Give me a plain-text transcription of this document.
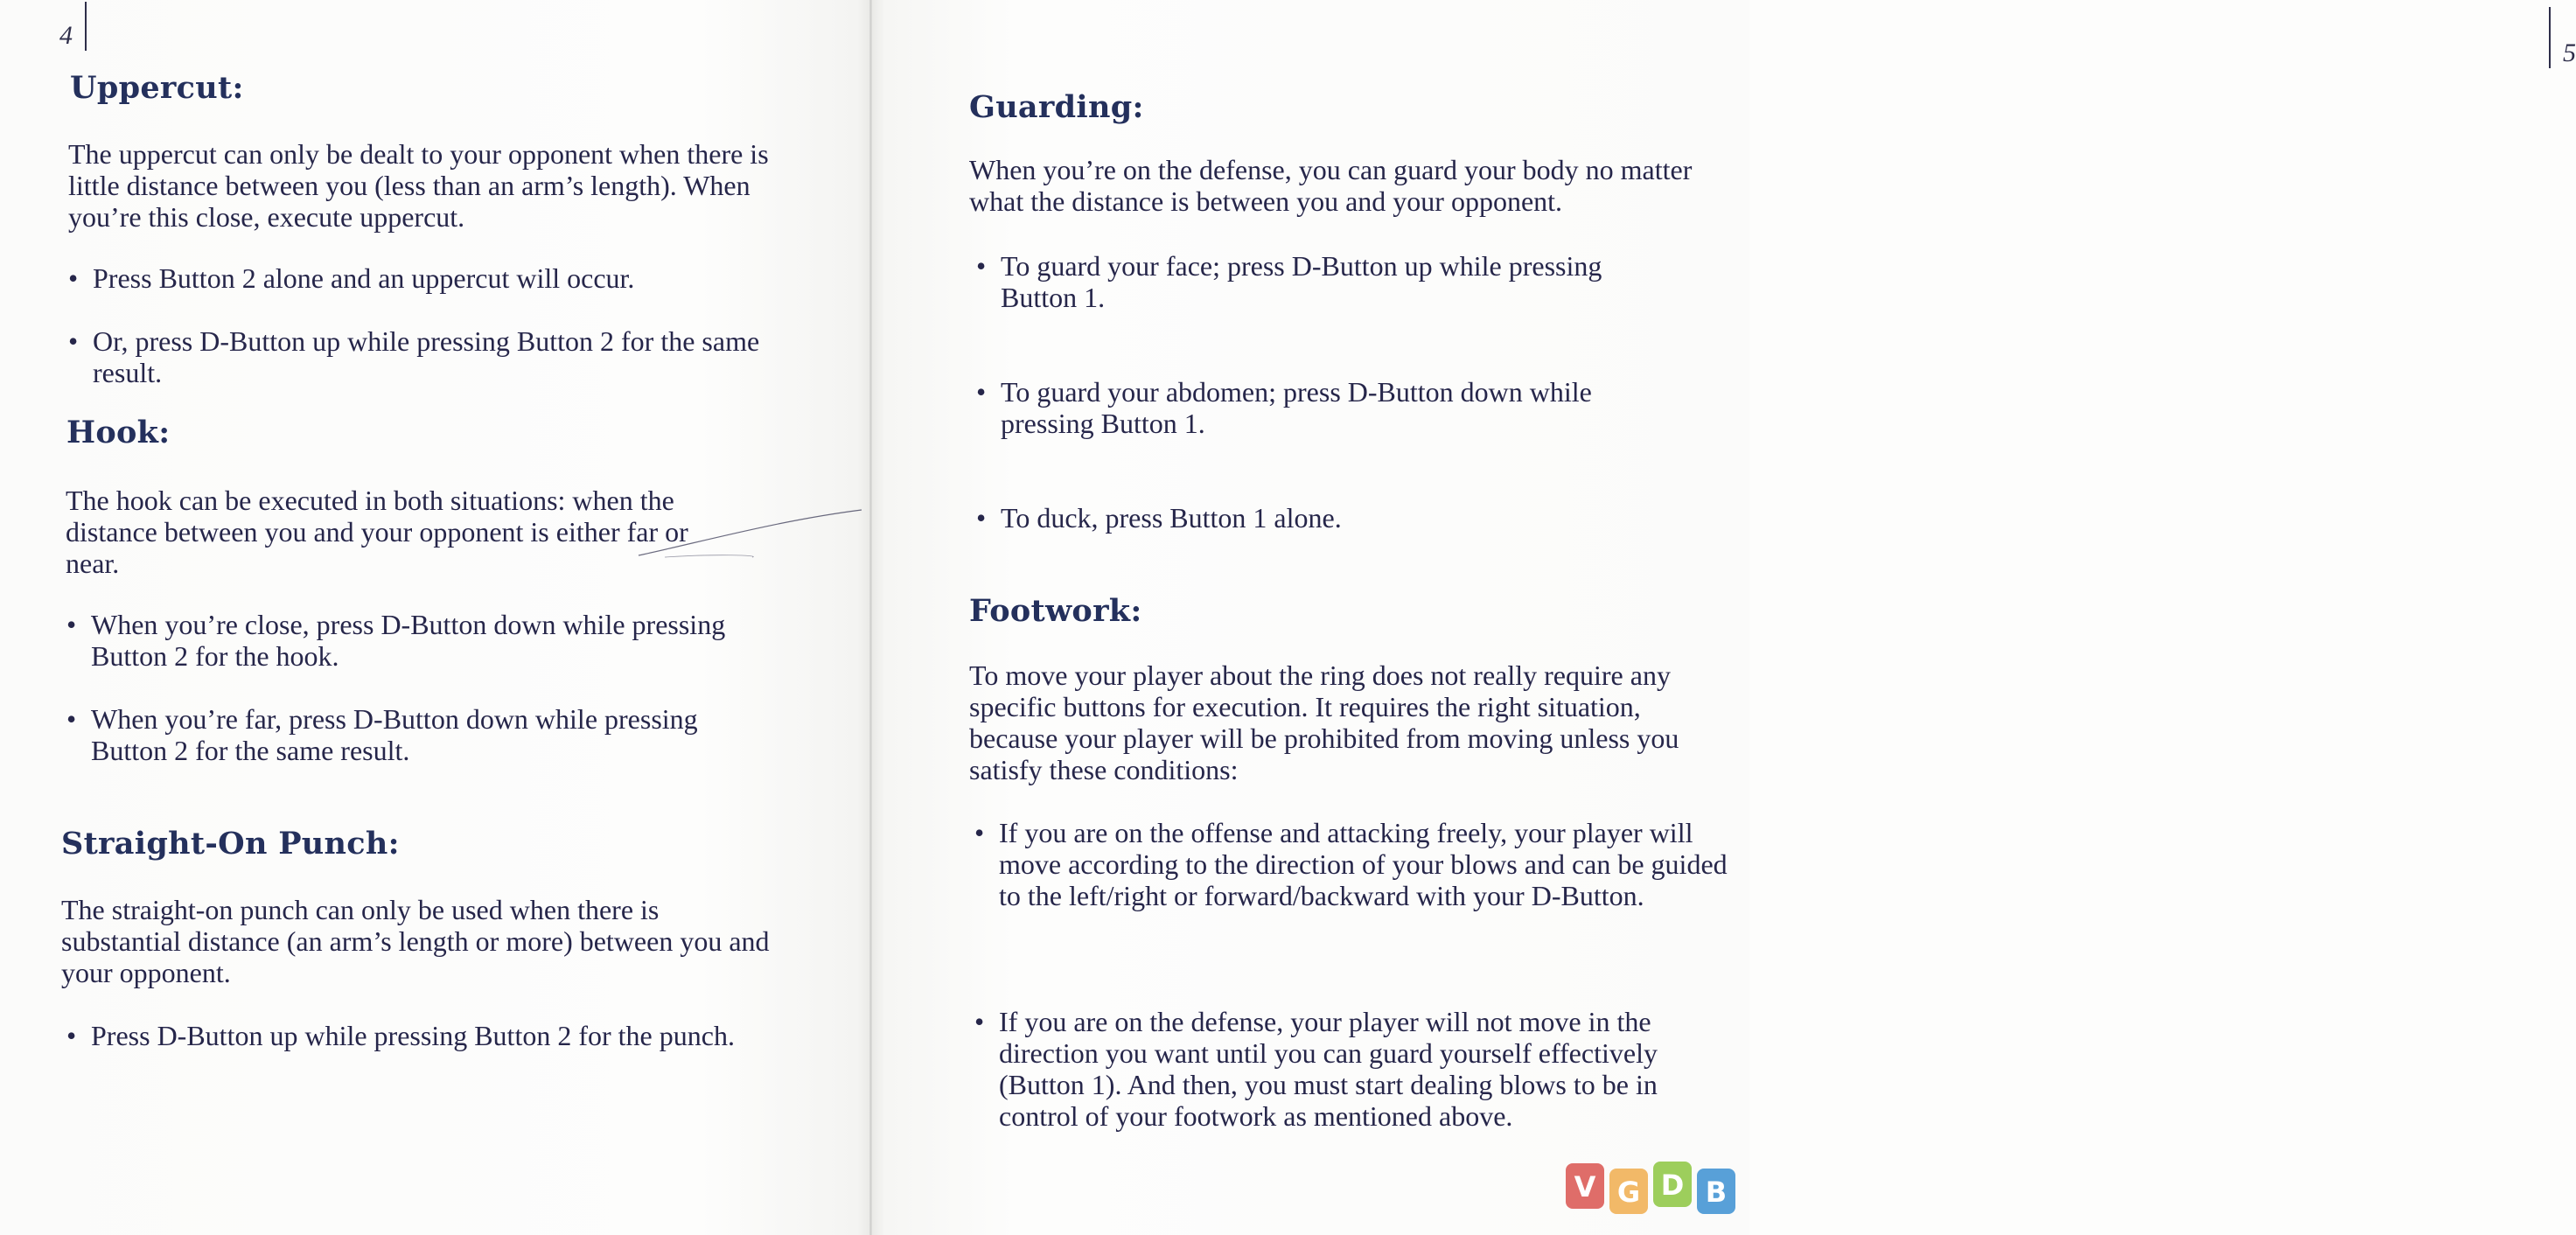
4
Uppercut:

The uppercut can only be dealt to your opponent when there is little distance between you (less than an arm’s length). When you’re this close, execute uppercut.

• Press Button 2 alone and an uppercut will occur.
• Or, press D-Button up while pressing Button 2 for the same result.
Hook:

The hook can be executed in both situations: when the distance between you and your opponent is either far or near.

• When you’re close, press D-Button down while pressing Button 2 for the hook.
• When you’re far, press D-Button down while pressing Button 2 for the same result.
Straight-On Punch:

The straight-on punch can only be used when there is substantial distance (an arm’s length or more) between you and your opponent.

• Press D-Button up while pressing Button 2 for the punch.
5
Guarding:

When you’re on the defense, you can guard your body no matter what the distance is between you and your opponent.

• To guard your face; press D-Button up while pressing Button 1.
• To guard your abdomen; press D-Button down while pressing Button 1.
• To duck, press Button 1 alone.
Footwork:

To move your player about the ring does not really require any specific buttons for execution. It requires the right situation, because your player will be prohibited from moving unless you satisfy these conditions:

• If you are on the offense and attacking freely, your player will move according to the direction of your blows and can be guided to the left/right or forward/backward with your D-Button.
• If you are on the defense, your player will not move in the direction you want until you can guard yourself effectively (Button 1). And then, you must start dealing blows to be in control of your footwork as mentioned above.
V G D B
